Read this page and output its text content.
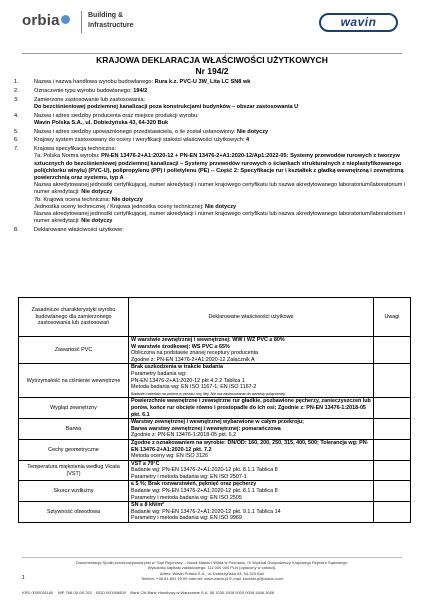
orbia	Building &
Infrastructure	wavin
KRAJOWA DEKLARACJA WŁAŚCIWOŚCI UŻYTKOWYCH
Nr 194/2
1.	Nazwa i nazwa handlowa wyrobu budowlanego: Rura k.z. PVC-U 3W_Lita LC SN8 wk
2.	Oznaczenie typu wyrobu budowlanego: 194/2
3.	Zamierzone zastosowanie lub zastosowania:
Do bezciśnieniowej podziemnej kanalizacji poza konstrukcjami budynków – obszar zastosowania U
4.	Nazwa i adres siedziby producenta oraz miejsce produkcji wyrobu:
Wavin Polska S.A., ul. Dobieżyńska 43, 64-320 Buk
5.	Nazwa i adres siedziby upoważnionego przedstawiciela, o ile został ustanowiony: Nie dotyczy
6.	Krajowy system zastosowany do oceny i weryfikacji stałości właściwości użytkowych: 4
7.	Krajowa specyfikacja techniczna:
7a. Polska Norma wyrobu: PN-EN 13476-2+A1:2020-12 + PN-EN 13476-2+A1:2020-12/Ap1:2022-05: Systemy przewodów rurowych z tworzyw sztucznych do bezciśnieniowej podziemnej kanalizacji – Systemy przewodów rurowych o ściankach strukturalnych z nieplastyfikowanego poli(chlorku winylu) (PVC-U), polipropylenu (PP) i polietylenu (PE) -- Część 2: Specyfikacje rur i kształtek z gładką wewnętrzną i zewnętrzną powierzchnią oraz systemu, typ A
Nazwa akredytowanej jednostki certyfikującej, numer akredytacji i numer krajowego certyfikatu lub nazwa akredytowanego laboratorium/laboratorium i numer akredytacji: Nie dotyczy
7b. Krajowa ocena techniczna: Nie dotyczy
Jednostka oceny technicznej / Krajowa jednostka oceny technicznej: Nie dotyczy
Nazwa akredytowanej jednostki certyfikującej, numer akredytacji i numer krajowego certyfikatu lub nazwa akredytowanego laboratorium/laboratorium i numer akredytacji: Nie dotyczy
8.	Deklarowane właściwości użytkowe:
Zasadnicze charakterystyki wyrobu budowlanego dla zamierzonego zastosowania lub zastosowań	Deklarowane właściwości użytkowe	Uwagi
Zawartość PVC	W warstwie zewnętrznej i wewnętrznej: WW i WZ PVC ≥ 80%
W warstwie środkowej: WS PVC ≥ 65%
Obliczona na podstawie znanej receptury producenta
Zgodne z: PN-EN 13476-2+A1:2020-12 Załącznik A	
Wytrzymałość na ciśnienie wewnętrzne	Brak uszkodzenia w trakcie badania
Parametry badania wg:
PN-EN 13476-2+A1:2020-12 pkt 4.2.2 Tablica 1
Metoda badania wg: EN ISO 1167-1; EN ISO 1167-2
Badanie materiału na próbce w postaci rury litej. Nie ma zastosowania do warstwy połączenia)	
Wygląd zewnętrzny	Powierzchnie wewnętrzne i zewnętrzne rur gładkie, pozbawione pęcherzy, zanieczyszczeń lub porów, końce rur obcięte równo i prostopadle do ich osi; Zgodnie z: PN-EN 13476-1:2018-05 pkt. 6.1	
Barwa	Warstwy zewnętrznej i wewnętrznej wybarwione w całym przekroju;
Barwa warstwy zewnętrznej i wewnętrznej: pomarańczowa
Zgodnie z: PN-EN 13476-1:2018-05 pkt. 6.2	
Cechy geometryczne	Zgodne z oznakowaniem na wyrobie: DN/OD: 160, 200, 250, 315, 400, 500; Tolerancja wg: PN-EN 13476-2+A1:2020-12 pkt. 7.2
Metoda oceny wg: EN ISO 3126	
Temperatura mięknienia według Vicata (VST)	VST ≥ 79°C
Badanie wg: PN-EN 13476-2+A1:2020-12 pkt. 8.1.1 Tablica 8
Parametry i metoda badania wg: EN ISO 2507-1	
Skurcz wzdłużny	≤ 5 %; Brak rozwarstwień, pęknięć oraz pęcherzy
Badanie wg: PN-EN 13476-2+A1:2020-12 pkt. 8.1.1 Tablica 8
Parametry i metoda badania wg: EN ISO 2505	
Sztywność obwodowa	SN ≥ 8 kN/m²
Badanie wg: PN-EN 13476-2+A1:2020-12 pkt. 9.1.1 Tablica 14
Parametry i metoda badania wg: EN ISO 9969	
Dokumentacja Spółki przechowywana jest w: Sąd Rejonowy – Nowa Miasto i Wilda w Poznaniu, IX Wydział Gospodarczy Krajowego Rejestru Sądowego.
Wysokość kapitału zakładowego: 111 000 000 PLN (opłacony w całości).
Adres: Wavin Polska S.A., ul. Dobieżyńska 43, 64-320 Buk
Telefon: +48 61 891 10 00 Internet: www.wavin.pl E-mail: kontakt.pl@wavin.com
1
KRS 0000051160 NIP 788-00-08-763 BDO 000006800 Bank Citi Bank Handlowy w Warszawie S.A. 58 1030 1508 0000 0008 1846 3006
